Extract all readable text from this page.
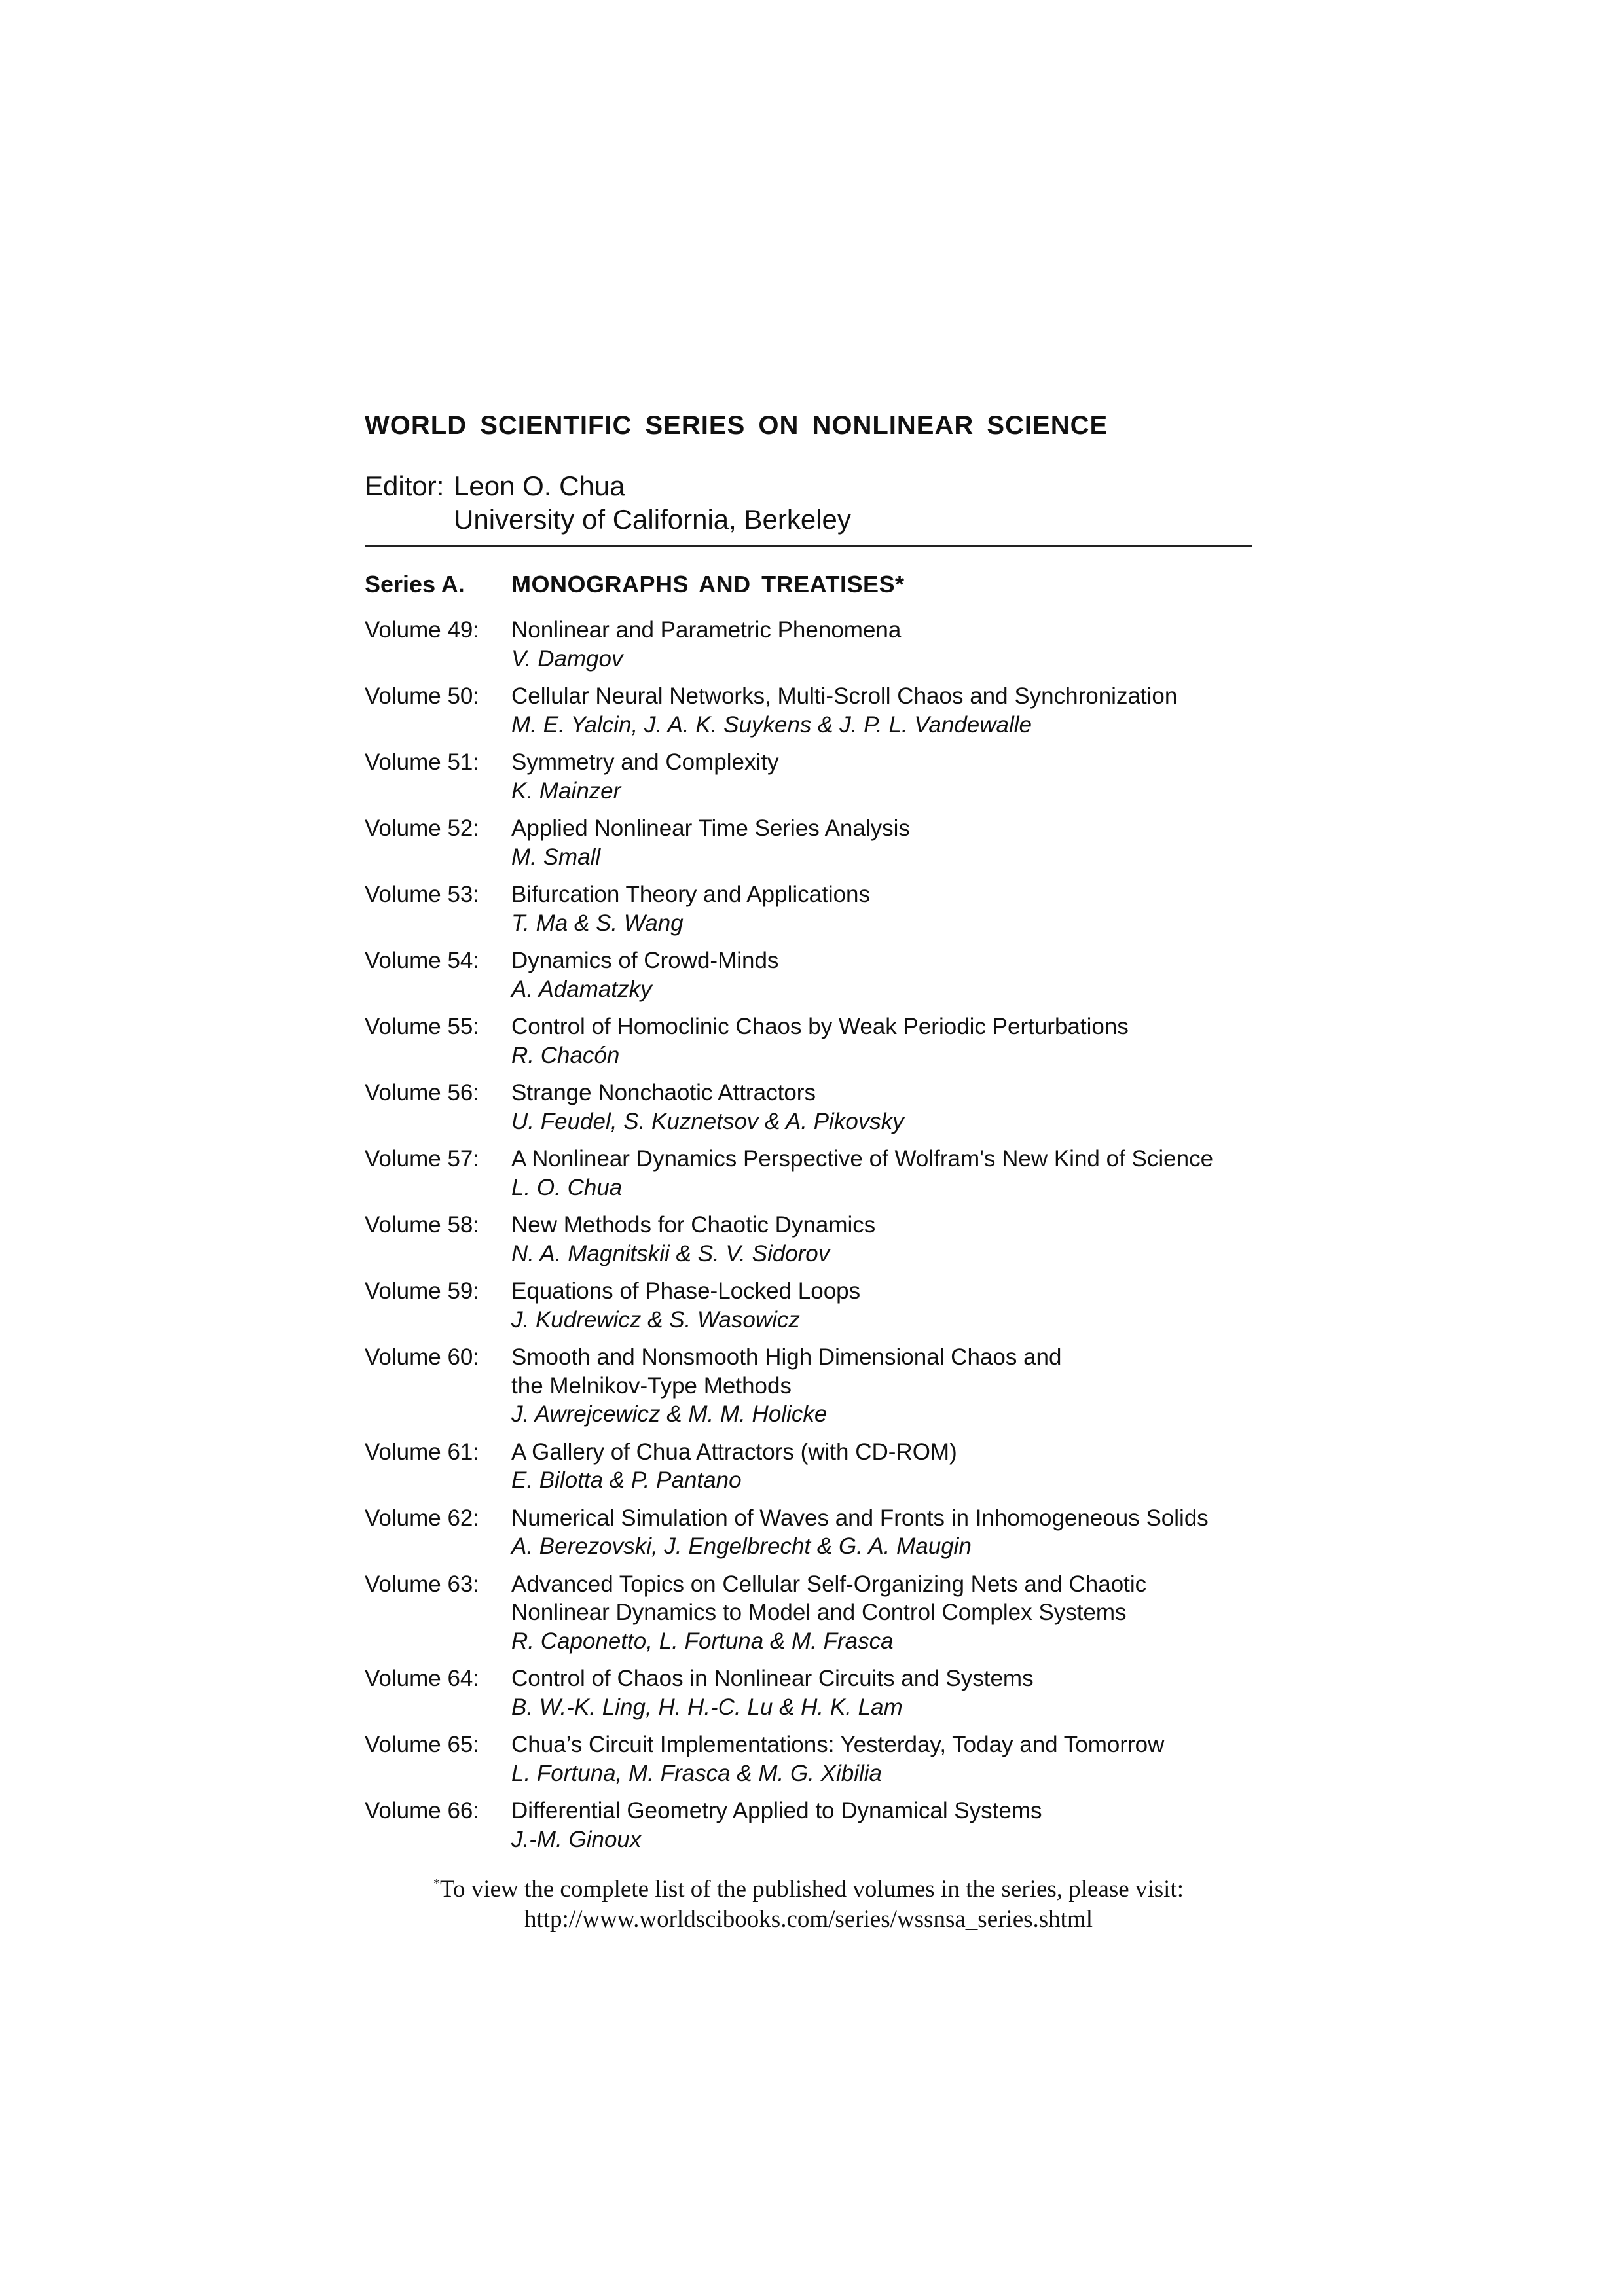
WORLD SCIENTIFIC SERIES ON NONLINEAR SCIENCE
Editor: Leon O. Chua
University of California, Berkeley
Series A.	MONOGRAPHS AND TREATISES*
Volume 49:	Nonlinear and Parametric Phenomena
V. Damgov
Volume 50:	Cellular Neural Networks, Multi-Scroll Chaos and Synchronization
M. E. Yalcin, J. A. K. Suykens & J. P. L. Vandewalle
Volume 51:	Symmetry and Complexity
K. Mainzer
Volume 52:	Applied Nonlinear Time Series Analysis
M. Small
Volume 53:	Bifurcation Theory and Applications
T. Ma & S. Wang
Volume 54:	Dynamics of Crowd-Minds
A. Adamatzky
Volume 55:	Control of Homoclinic Chaos by Weak Periodic Perturbations
R. Chacón
Volume 56:	Strange Nonchaotic Attractors
U. Feudel, S. Kuznetsov & A. Pikovsky
Volume 57:	A Nonlinear Dynamics Perspective of Wolfram's New Kind of Science
L. O. Chua
Volume 58:	New Methods for Chaotic Dynamics
N. A. Magnitskii & S. V. Sidorov
Volume 59:	Equations of Phase-Locked Loops
J. Kudrewicz & S. Wasowicz
Volume 60:	Smooth and Nonsmooth High Dimensional Chaos and
the Melnikov-Type Methods
J. Awrejcewicz & M. M. Holicke
Volume 61:	A Gallery of Chua Attractors (with CD-ROM)
E. Bilotta & P. Pantano
Volume 62:	Numerical Simulation of Waves and Fronts in Inhomogeneous Solids
A. Berezovski, J. Engelbrecht & G. A. Maugin
Volume 63:	Advanced Topics on Cellular Self-Organizing Nets and Chaotic
Nonlinear Dynamics to Model and Control Complex Systems
R. Caponetto, L. Fortuna & M. Frasca
Volume 64:	Control of Chaos in Nonlinear Circuits and Systems
B. W.-K. Ling, H. H.-C. Lu & H. K. Lam
Volume 65:	Chua’s Circuit Implementations: Yesterday, Today and Tomorrow
L. Fortuna, M. Frasca & M. G. Xibilia
Volume 66:	Differential Geometry Applied to Dynamical Systems
J.-M. Ginoux
*To view the complete list of the published volumes in the series, please visit:
http://www.worldscibooks.com/series/wssnsa_series.shtml
